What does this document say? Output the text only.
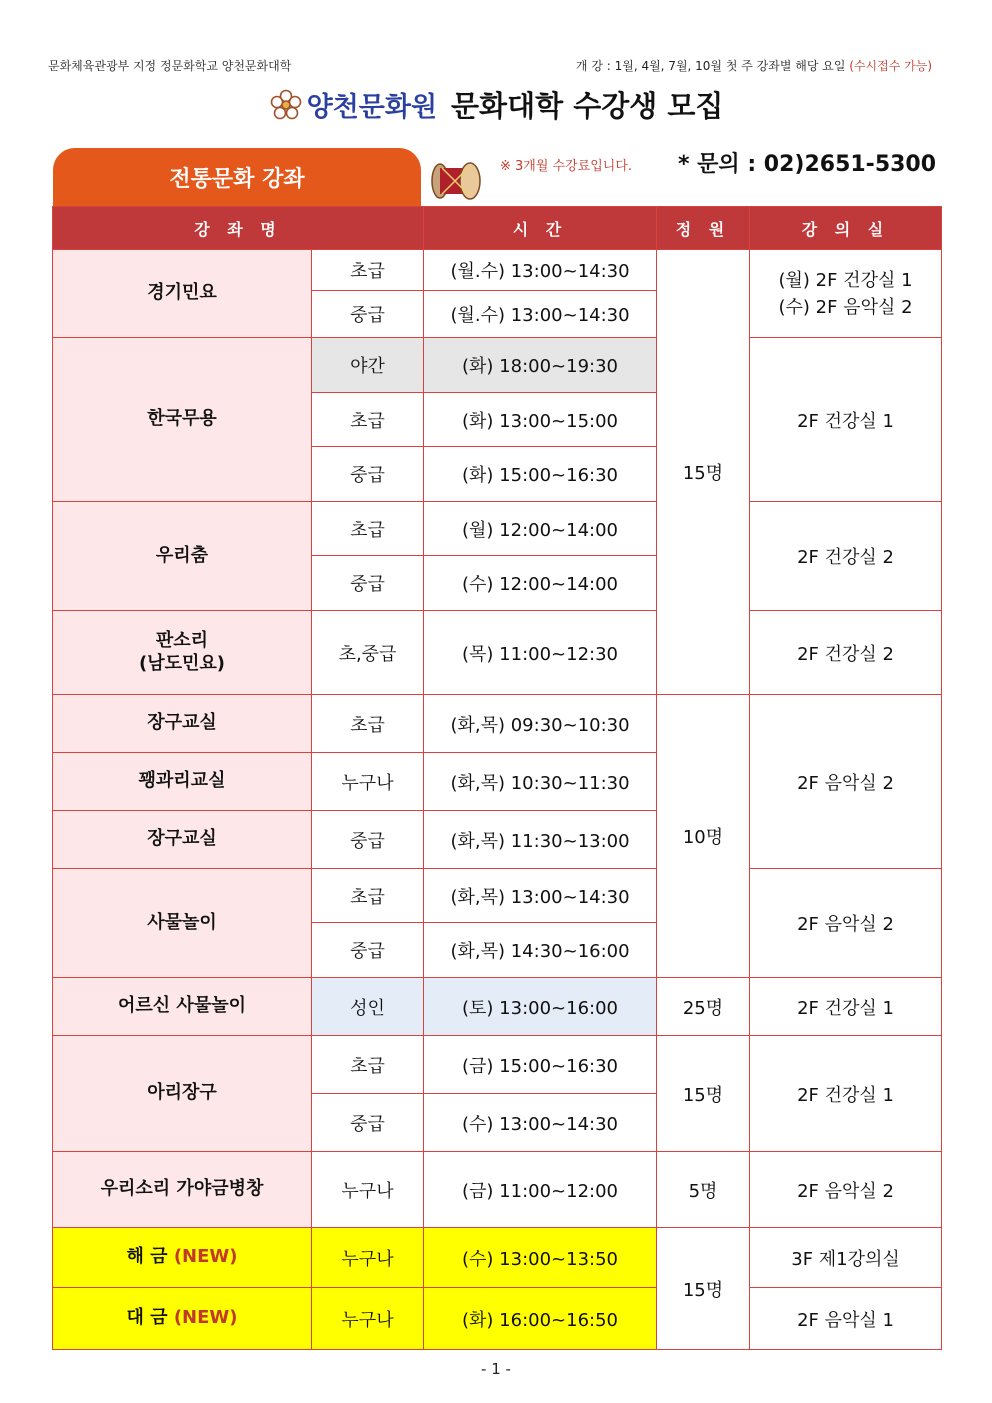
문화체육관광부 지정 정문화학교 양천문화대학	개 강 : 1월, 4월, 7월, 10월 첫 주 강좌별 해당 요일 (수시접수 가능)
양천문화원 문화대학 수강생 모집
전통문화 강좌	※ 3개월 수강료입니다. * 문의 : 02)2651-5300
강 좌 명		시 간	정 원	강 의 실
경기민요	초급	(월.수) 13:00~14:30	15명	(월) 2F 건강실 1
(수) 2F 음악실 2

	중급	(월.수) 13:00~14:30		
한국무용	야간	(화) 18:00~19:30		2F 건강실 1
	초급	(화) 13:00~15:00		
	중급	(화) 15:00~16:30		
우리춤	초급	(월) 12:00~14:00		2F 건강실 2
	중급	(수) 12:00~14:00		

판소리
(남도민요)	초,중급	(목) 11:00~12:30		2F 건강실 2
장구교실	초급	(화,목) 09:30~10:30	10명	2F 음악실 2
꽹과리교실	누구나	(화,목) 10:30~11:30		
장구교실	중급	(화,목) 11:30~13:00		
사물놀이	초급	(화,목) 13:00~14:30		2F 음악실 2
	중급	(화,목) 14:30~16:00		
어르신 사물놀이	성인	(토) 13:00~16:00	25명	2F 건강실 1
아리장구	초급	(금) 15:00~16:30	15명	2F 건강실 1
	중급	(수) 13:00~14:30		
우리소리 가야금병창	누구나	(금) 11:00~12:00	5명	2F 음악실 2
해 금 (NEW)	누구나	(수) 13:00~13:50	15명	3F 제1강의실
대 금 (NEW)	누구나	(화) 16:00~16:50		2F 음악실 1
- 1 -
